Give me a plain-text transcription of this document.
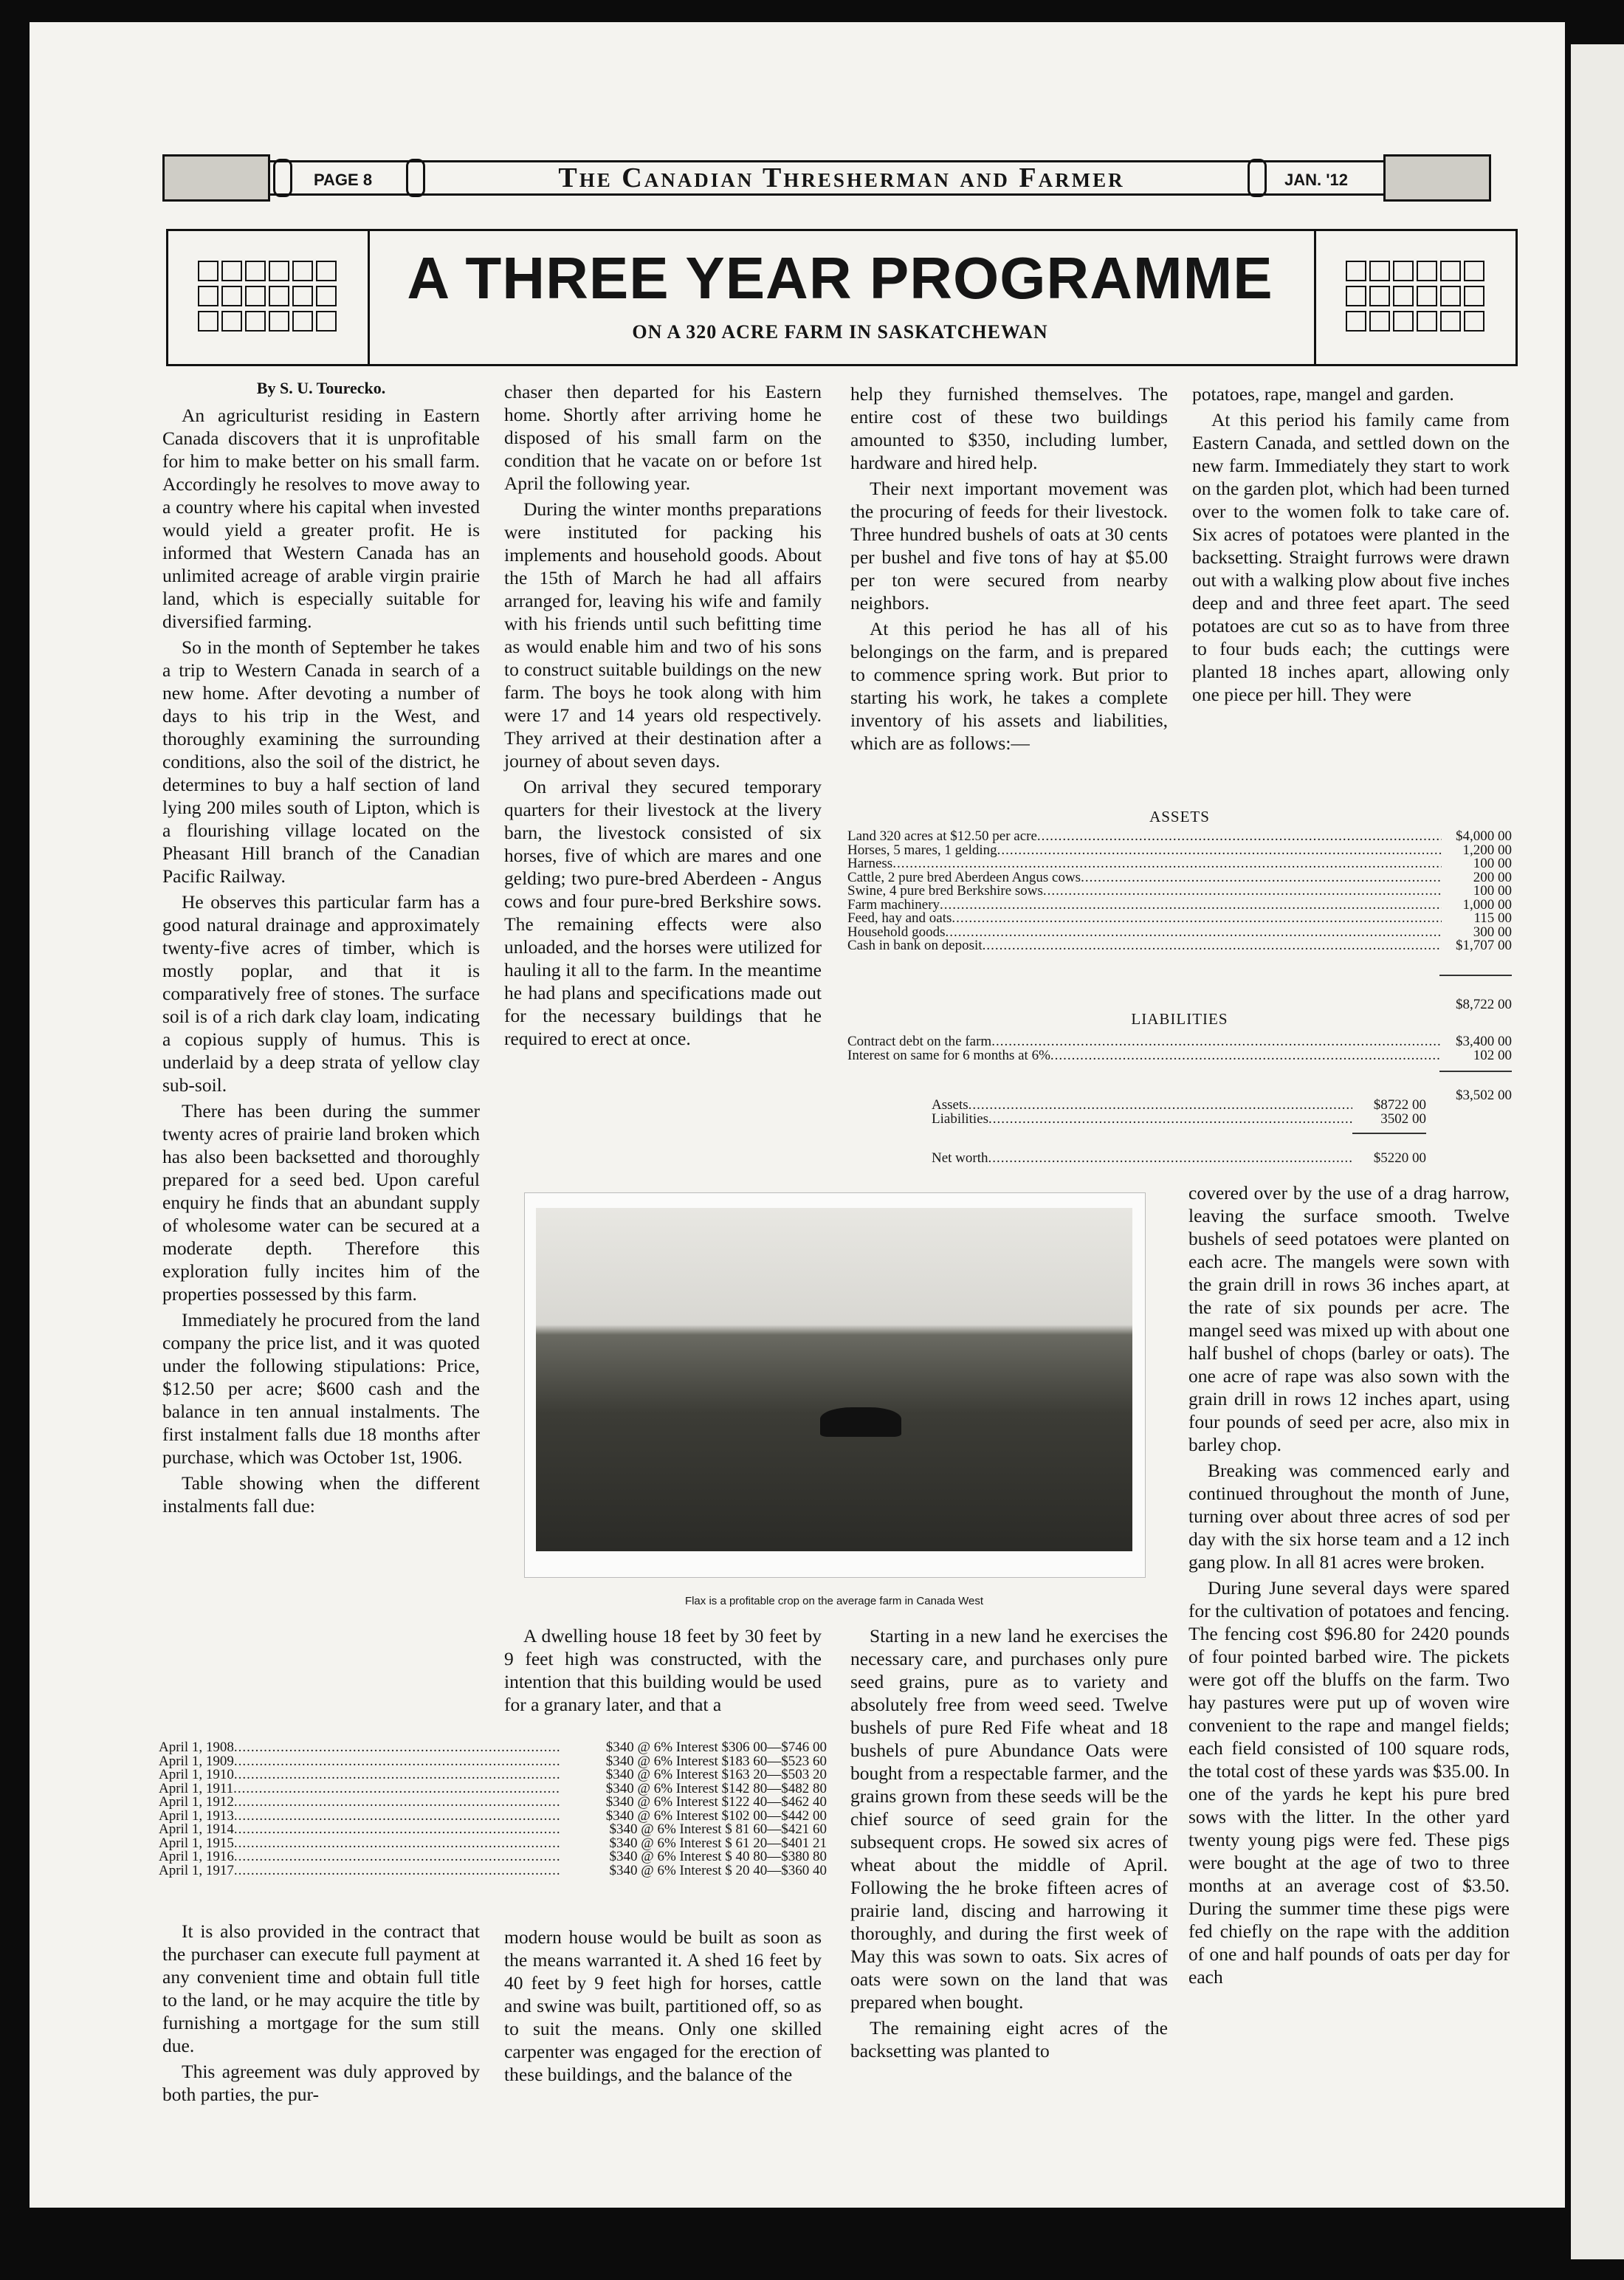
PAGE 8	The Canadian Thresherman and Farmer	JAN. '12
A THREE YEAR PROGRAMME
ON A 320 ACRE FARM IN SASKATCHEWAN
By S. U. Tourecko.

An agriculturist residing in Eastern Canada discovers that it is unprofitable for him to make better on his small farm. Accordingly he resolves to move away to a country where his capital when invested would yield a greater profit. He is informed that Western Canada has an unlimited acreage of arable virgin prairie land, which is especially suitable for diversified farming.

So in the month of September he takes a trip to Western Canada in search of a new home. After devoting a number of days to his trip in the West, and thoroughly examining the surrounding conditions, also the soil of the district, he determines to buy a half section of land lying 200 miles south of Lipton, which is a flourishing village located on the Pheasant Hill branch of the Canadian Pacific Railway.

He observes this particular farm has a good natural drainage and approximately twenty-five acres of timber, which is mostly poplar, and that it is comparatively free of stones. The surface soil is of a rich dark clay loam, indicating a copious supply of humus. This is underlaid by a deep strata of yellow clay sub-soil.

There has been during the summer twenty acres of prairie land broken which has also been backsetted and thoroughly prepared for a seed bed. Upon careful enquiry he finds that an abundant supply of wholesome water can be secured at a moderate depth. Therefore this exploration fully incites him of the properties possessed by this farm.

Immediately he procured from the land company the price list, and it was quoted under the following stipulations: Price, $12.50 per acre; $600 cash and the balance in ten annual instalments. The first instalment falls due 18 months after purchase, which was October 1st, 1906.

Table showing when the different instalments fall due:

April 1, 1908 .....	$340 @ 6% Interest $306 00—$746 00
April 1, 1909 .....	$340 @ 6% Interest $183 60—$523 60
April 1, 1910 .....	$340 @ 6% Interest $163 20—$503 20
April 1, 1911 .....	$340 @ 6% Interest $142 80—$482 80
April 1, 1912 .....	$340 @ 6% Interest $122 40—$462 40
April 1, 1913 .....	$340 @ 6% Interest $102 00—$442 00
April 1, 1914 .....	$340 @ 6% Interest $ 81 60—$421 60
April 1, 1915 .....	$340 @ 6% Interest $ 61 20—$401 21
April 1, 1916 .....	$340 @ 6% Interest $ 40 80—$380 80
April 1, 1917 .....	$340 @ 6% Interest $ 20 40—$360 40

It is also provided in the contract that the purchaser can execute full payment at any convenient time and obtain full title to the land, or he may acquire the title by furnishing a mortgage for the sum still due.

This agreement was duly approved by both parties, the pur-

chaser then departed for his Eastern home. Shortly after arriving home he disposed of his small farm on the condition that he vacate on or before 1st April the following year.

During the winter months preparations were instituted for packing his implements and household goods. About the 15th of March he had all affairs arranged for, leaving his wife and family with his friends until such befitting time as would enable him and two of his sons to construct suitable buildings on the new farm. The boys he took along with him were 17 and 14 years old respectively. They arrived at their destination after a journey of about seven days.

On arrival they secured temporary quarters for their livestock at the livery barn, the livestock consisted of six horses, five of which are mares and one gelding; two pure-bred Aberdeen - Angus cows and four pure-bred Berkshire sows. The remaining effects were also unloaded, and the horses were utilized for hauling it all to the farm. In the meantime he had plans and specifications made out for the necessary buildings that he required to erect at once.

A dwelling house 18 feet by 30 feet by 9 feet high was constructed, with the intention that this building would be used for a granary later, and that a

modern house would be built as soon as the means warranted it. A shed 16 feet by 40 feet by 9 feet high for horses, cattle and swine was built, partitioned off, so as to suit the means. Only one skilled carpenter was engaged for the erection of these buildings, and the balance of the

help they furnished themselves. The entire cost of these two buildings amounted to $350, including lumber, hardware and hired help.

Their next important movement was the procuring of feeds for their livestock. Three hundred bushels of oats at 30 cents per bushel and five tons of hay at $5.00 per ton were secured from nearby neighbors.

At this period he has all of his belongings on the farm, and is prepared to commence spring work. But prior to starting his work, he takes a complete inventory of his assets and liabilities, which are as follows:—

potatoes, rape, mangel and garden.

At this period his family came from Eastern Canada, and settled down on the new farm. Immediately they start to work on the garden plot, which had been turned over to the women folk to take care of. Six acres of potatoes were planted in the backsetting. Straight furrows were drawn out with a walking plow about five inches deep and and three feet apart. The seed potatoes are cut so as to have from three to four buds each; the cuttings were planted 18 inches apart, allowing only one piece per hill. They were

ASSETS
Land 320 acres at $12.50 per acre .....	$4,000 00
Horses, 5 mares, 1 gelding .....	1,200 00
Harness .....	100 00
Cattle, 2 pure bred Aberdeen Angus cows .....	200 00
Swine, 4 pure bred Berkshire sows .....	100 00
Farm machinery .....	1,000 00
Feed, hay and oats .....	115 00
Household goods .....	300 00
Cash in bank on deposit .....	$1,707 00
$8,722 00
LIABILITIES
Contract debt on the farm .....	$3,400 00
Interest on same for 6 months at 6% .....	102 00
$3,502 00
Assets .....	$8722 00
Liabilities .....	3502 00
Net worth .....	$5220 00
Flax is a profitable crop on the average farm in Canada West

Starting in a new land he exercises the necessary care, and purchases only pure seed grains, pure as to variety and absolutely free from weed seed. Twelve bushels of pure Red Fife wheat and 18 bushels of pure Abundance Oats were bought from a respectable farmer, and the grains grown from these seeds will be the chief source of seed grain for the subsequent crops. He sowed six acres of wheat about the middle of April. Following the he broke fifteen acres of prairie land, discing and harrowing it thoroughly, and during the first week of May this was sown to oats. Six acres of oats were sown on the land that was prepared when bought.

The remaining eight acres of the backsetting was planted to

covered over by the use of a drag harrow, leaving the surface smooth. Twelve bushels of seed potatoes were planted on each acre. The mangels were sown with the grain drill in rows 36 inches apart, at the rate of six pounds per acre. The mangel seed was mixed up with about one half bushel of chops (barley or oats). The one acre of rape was also sown with the grain drill in rows 12 inches apart, using four pounds of seed per acre, also mix in barley chop.

Breaking was commenced early and continued throughout the month of June, turning over about three acres of sod per day with the six horse team and a 12 inch gang plow. In all 81 acres were broken.

During June several days were spared for the cultivation of potatoes and fencing. The fencing cost $96.80 for 2420 pounds of four pointed barbed wire. The pickets were got off the bluffs on the farm. Two hay pastures were put up of woven wire convenient to the rape and mangel fields; each field consisted of 100 square rods, the total cost of these yards was $35.00. In one of the yards he kept his pure bred sows with the litter. In the other yard twenty young pigs were fed. These pigs were bought at the age of two to three months at an average cost of $3.50. During the summer time these pigs were fed chiefly on the rape with the addition of one and half pounds of oats per day for each
